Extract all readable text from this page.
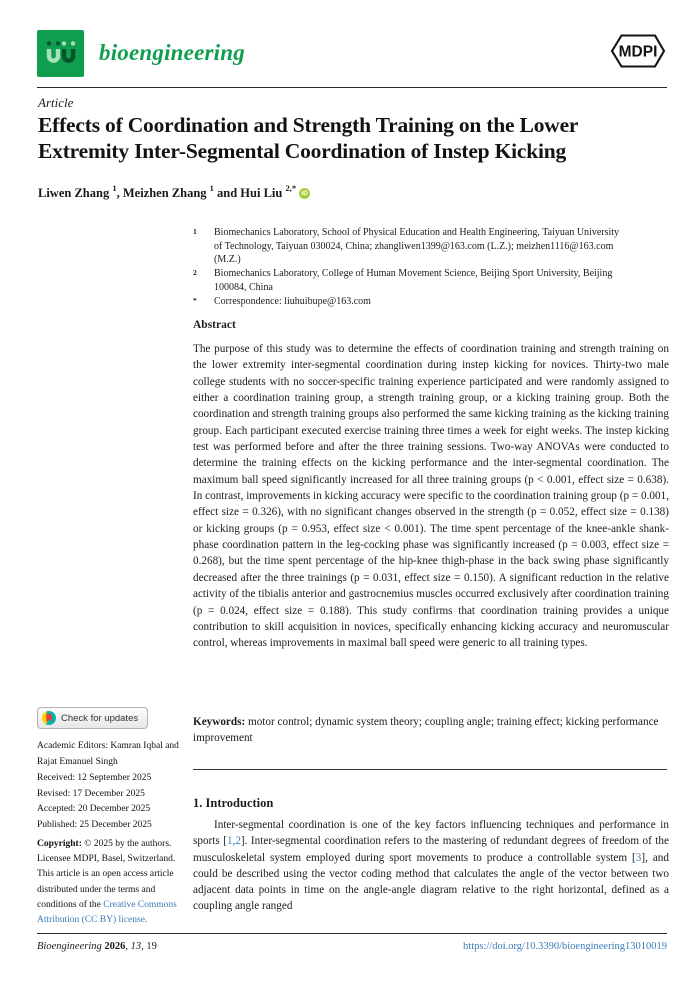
bioengineering	MDPI
Article
Effects of Coordination and Strength Training on the Lower Extremity Inter-Segmental Coordination of Instep Kicking
Liwen Zhang $^1$, Meizhen Zhang $^1$ and Hui Liu $^{2,*}$iD
1	Biomechanics Laboratory, School of Physical Education and Health Engineering, Taiyuan University of Technology, Taiyuan 030024, China; zhangliwen1399@163.com (L.Z.); meizhen1116@163.com (M.Z.)
2	Biomechanics Laboratory, College of Human Movement Science, Beijing Sport University, Beijing 100084, China
*	Correspondence: liuhuibupe@163.com
Abstract
The purpose of this study was to determine the effects of coordination training and strength training on the lower extremity inter-segmental coordination during instep kicking for novices. Thirty-two male college students with no soccer-specific training experience participated and were randomly assigned to either a coordination training group, a strength training group, or a kicking training group. Both the coordination and strength training groups also performed the same kicking training as the kicking training group. Each participant executed exercise training three times a week for eight weeks. The instep kicking test was performed before and after the three training sessions. Two-way ANOVAs were conducted to determine the training effects on the kicking performance and the inter-segmental coordination. The maximum ball speed significantly increased for all three training groups (p < 0.001, effect size = 0.638). In contrast, improvements in kicking accuracy were specific to the coordination training group (p = 0.001, effect size = 0.326), with no significant changes observed in the strength (p = 0.052, effect size = 0.138) or kicking groups (p = 0.953, effect size < 0.001). The time spent percentage of the knee-ankle shank-phase coordination pattern in the leg-cocking phase was significantly increased (p = 0.003, effect size = 0.268), but the time spent percentage of the hip-knee thigh-phase in the back swing phase significantly decreased after the three trainings (p = 0.031, effect size = 0.150). A significant reduction in the relative activity of the tibialis anterior and gastrocnemius muscles occurred exclusively after coordination training (p = 0.024, effect size = 0.188). This study confirms that coordination training provides a unique contribution to skill acquisition in novices, specifically enhancing kicking accuracy and neuromuscular control, whereas improvements in maximal ball speed were generic to all training types.
Keywords: motor control; dynamic system theory; coupling angle; training effect; kicking performance improvement
1. Introduction
Inter-segmental coordination is one of the key factors influencing techniques and performance in sports [1,2]. Inter-segmental coordination refers to the mastering of redundant degrees of freedom of the musculoskeletal system employed during sport movements to produce a controllable system [3], and could be described using the vector coding method that calculates the angle of the vector between two adjacent data points in time on the angle-angle diagram relative to the right horizontal, defined as a coupling angle ranged
Check for updates
Academic Editors: Kamran Iqbal and Rajat Emanuel Singh
Received: 12 September 2025
Revised: 17 December 2025
Accepted: 20 December 2025
Published: 25 December 2025
Copyright: © 2025 by the authors. Licensee MDPI, Basel, Switzerland. This article is an open access article distributed under the terms and conditions of the Creative Commons Attribution (CC BY) license.
Bioengineering 2026, 13, 19	https://doi.org/10.3390/bioengineering13010019
